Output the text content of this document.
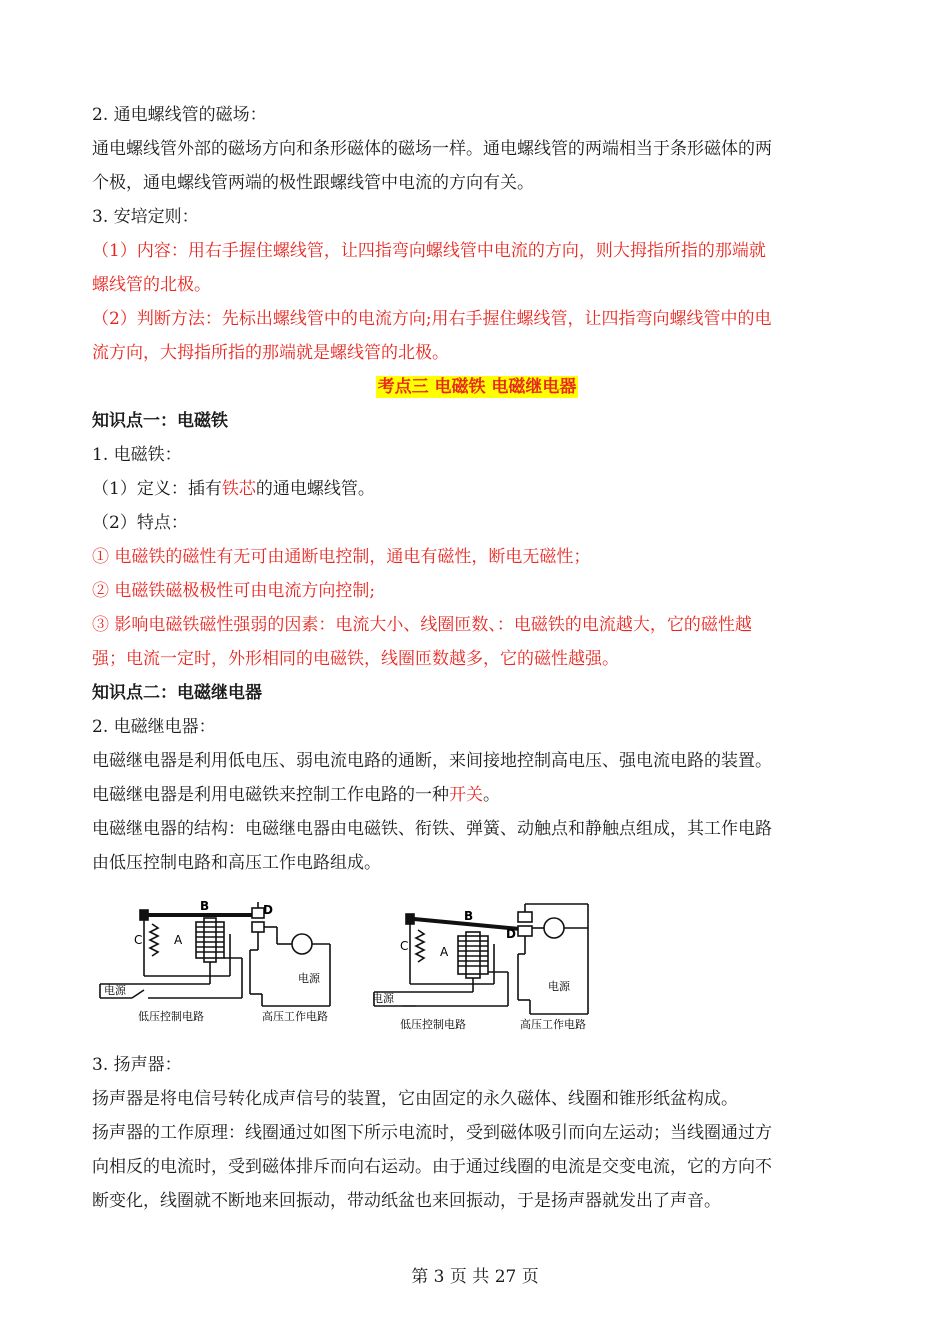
2. 通电螺线管的磁场：
通电螺线管外部的磁场方向和条形磁体的磁场一样。通电螺线管的两端相当于条形磁体的两
个极，通电螺线管两端的极性跟螺线管中电流的方向有关。
3. 安培定则：
（1）内容：用右手握住螺线管，让四指弯向螺线管中电流的方向，则大拇指所指的那端就
螺线管的北极。
（2）判断方法：先标出螺线管中的电流方向;用右手握住螺线管，让四指弯向螺线管中的电
流方向，大拇指所指的那端就是螺线管的北极。
考点三 电磁铁 电磁继电器
知识点一：电磁铁
1. 电磁铁：
（1）定义：插有铁芯的通电螺线管。
（2）特点：
① 电磁铁的磁性有无可由通断电控制，通电有磁性，断电无磁性；
② 电磁铁磁极极性可由电流方向控制;
③ 影响电磁铁磁性强弱的因素：电流大小、线圈匝数、：电磁铁的电流越大，它的磁性越
强；电流一定时，外形相同的电磁铁，线圈匝数越多，它的磁性越强。
知识点二：电磁继电器
2. 电磁继电器：
电磁继电器是利用低电压、弱电流电路的通断，来间接地控制高电压、强电流电路的装置。
电磁继电器是利用电磁铁来控制工作电路的一种开关。
电磁继电器的结构：电磁继电器由电磁铁、衔铁、弹簧、动触点和静触点组成，其工作电路
由低压控制电路和高压工作电路组成。
B	D
C	A
电源
电源
低压控制电路	高压工作电路
B
D
C	A
电源
电源
低压控制电路	高压工作电路
3. 扬声器：
扬声器是将电信号转化成声信号的装置，它由固定的永久磁体、线圈和锥形纸盆构成。
扬声器的工作原理：线圈通过如图下所示电流时，受到磁体吸引而向左运动；当线圈通过方
向相反的电流时，受到磁体排斥而向右运动。由于通过线圈的电流是交变电流，它的方向不
断变化，线圈就不断地来回振动，带动纸盆也来回振动，于是扬声器就发出了声音。
第 3 页 共 27 页
